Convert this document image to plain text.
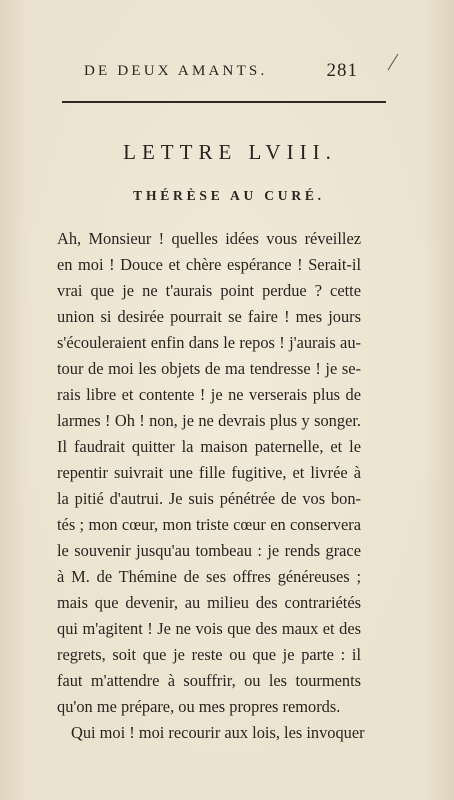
DE DEUX AMANTS.	281
LETTRE LVIII.
THÉRÈSE AU CURÉ.
Ah, Monsieur ! quelles idées vous réveillez
en moi ! Douce et chère espérance ! Serait-il
vrai que je ne t'aurais point perdue ? cette
union si desirée pourrait se faire ! mes jours
s'écouleraient enfin dans le repos ! j'aurais au-
tour de moi les objets de ma tendresse ! je se-
rais libre et contente ! je ne verserais plus de
larmes ! Oh ! non, je ne devrais plus y songer.
Il faudrait quitter la maison paternelle, et le
repentir suivrait une fille fugitive, et livrée à
la pitié d'autrui. Je suis pénétrée de vos bon-
tés ; mon cœur, mon triste cœur en conservera
le souvenir jusqu'au tombeau : je rends grace
à M. de Thémine de ses offres généreuses ;
mais que devenir, au milieu des contrariétés
qui m'agitent ! Je ne vois que des maux et des
regrets, soit que je reste ou que je parte : il
faut m'attendre à souffrir, ou les tourments
qu'on me prépare, ou mes propres remords.
Qui moi ! moi recourir aux lois, les invoquer
